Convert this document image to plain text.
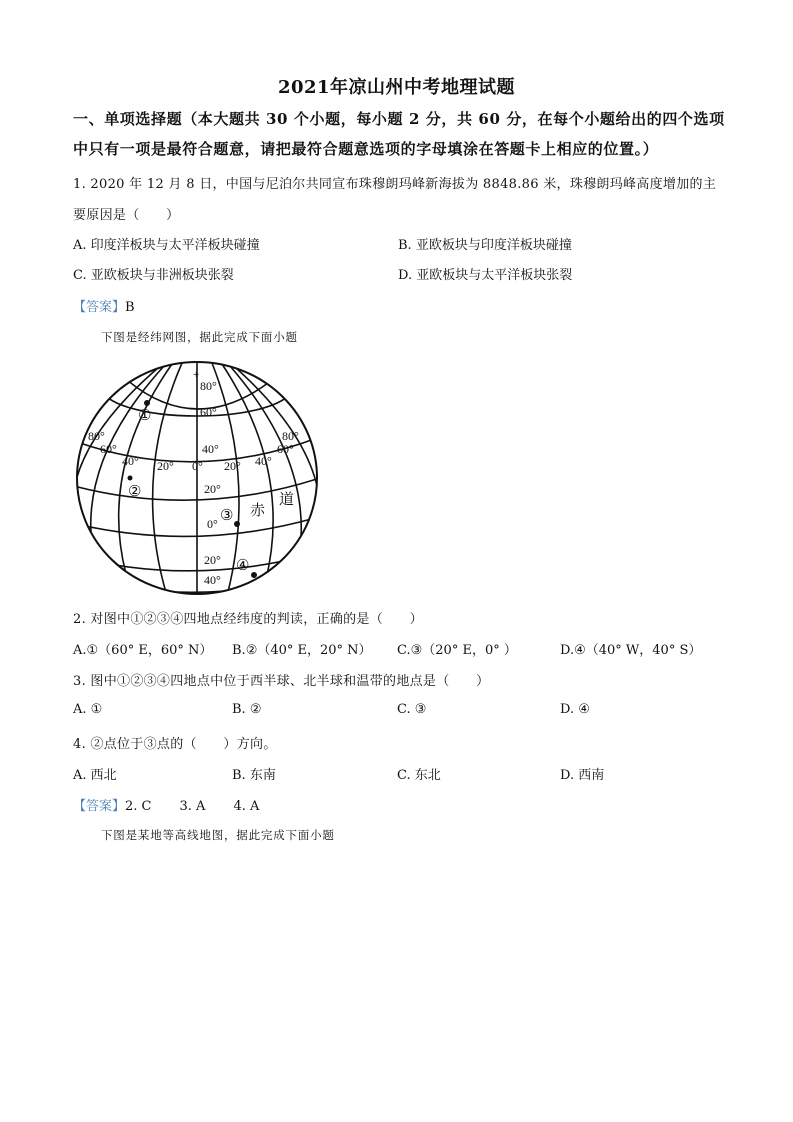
2021年凉山州中考地理试题
一、单项选择题（本大题共 30 个小题，每小题 2 分，共 60 分，在每个小题给出的四个选项
中只有一项是最符合题意，请把最符合题意选项的字母填涂在答题卡上相应的位置。）
1. 2020 年 12 月 8 日，中国与尼泊尔共同宣布珠穆朗玛峰新海拔为 8848.86 米，珠穆朗玛峰高度增加的主
要原因是（　　）
A. 印度洋板块与太平洋板块碰撞	B. 亚欧板块与印度洋板块碰撞
C. 亚欧板块与非洲板块张裂	D. 亚欧板块与太平洋板块张裂
【答案】B
下图是经纬网图，据此完成下面小题
+
80°
60°
40°
20°
0°
20°
40°
80°
60°
40° 20° 0° 20° 40°
60°
80°
①
②
③
④
赤
道
2. 对图中①②③④四地点经纬度的判读，正确的是（　　）
A.①（60° E，60° N） B.②（40° E，20° N） C.③（20° E，0° ）	D.④（40° W，40° S）
3. 图中①②③④四地点中位于西半球、北半球和温带的地点是（　　）
A. ①	B. ②	C. ③	D. ④
4. ②点位于③点的（　　）方向。
A. 西北	B. 东南	C. 东北	D. 西南
【答案】2. C 3. A 4. A
下图是某地等高线地图，据此完成下面小题
